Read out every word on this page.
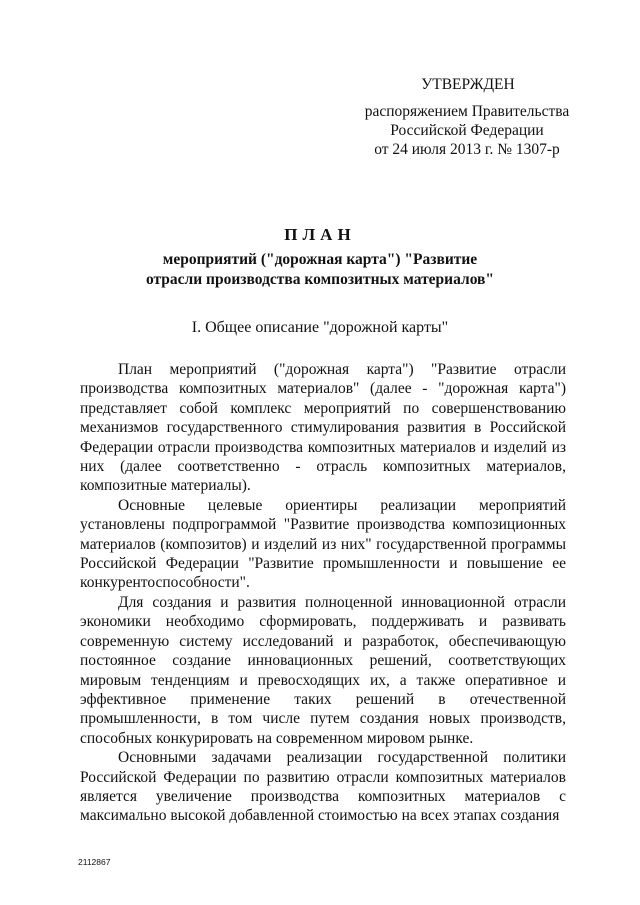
УТВЕРЖДЕН
распоряжением Правительства
Российской Федерации
от 24 июля 2013 г. № 1307-р
ПЛАН
мероприятий ("дорожная карта") "Развитие
отрасли производства композитных материалов"
I. Общее описание "дорожной карты"

План мероприятий ("дорожная карта") "Развитие отрасли производства композитных материалов" (далее - "дорожная карта") представляет собой комплекс мероприятий по совершенствованию механизмов государственного стимулирования развития в Российской Федерации отрасли производства композитных материалов и изделий из них (далее соответственно - отрасль композитных материалов, композитные материалы).

Основные целевые ориентиры реализации мероприятий установлены подпрограммой "Развитие производства композиционных материалов (композитов) и изделий из них" государственной программы Российской Федерации "Развитие промышленности и повышение ее конкурентоспособности".

Для создания и развития полноценной инновационной отрасли экономики необходимо сформировать, поддерживать и развивать современную систему исследований и разработок, обеспечивающую постоянное создание инновационных решений, соответствующих мировым тенденциям и превосходящих их, а также оперативное и эффективное применение таких решений в отечественной промышленности, в том числе путем создания новых производств, способных конкурировать на современном мировом рынке.

Основными задачами реализации государственной политики Российской Федерации по развитию отрасли композитных материалов является увеличение производства композитных материалов с максимально высокой добавленной стоимостью на всех этапах создания

2112867
